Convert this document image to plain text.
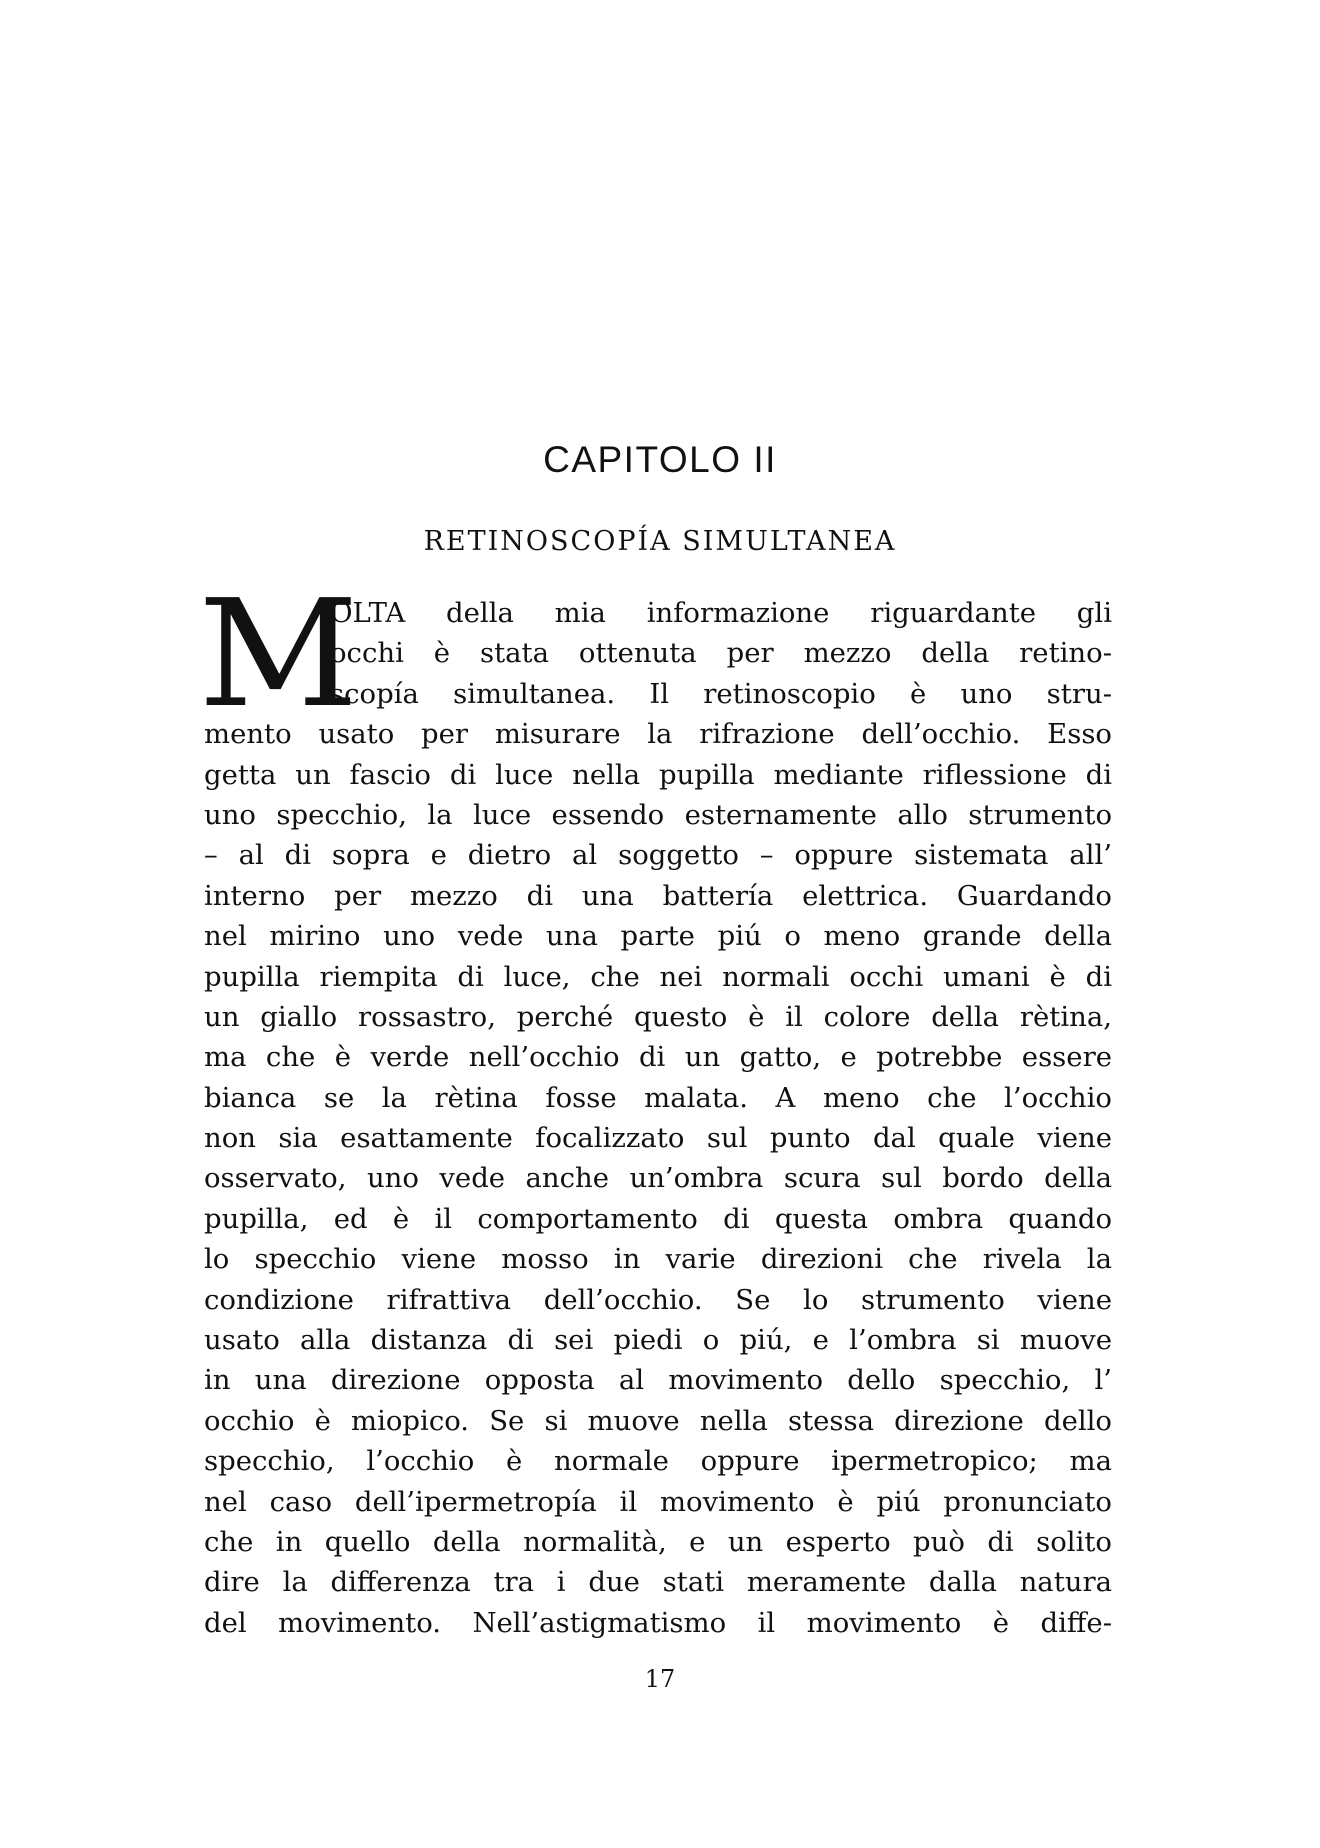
CAPITOLO II
RETINOSCOPÍA SIMULTANEA
M
OLTA della mia informazione riguardante gli
occhi è stata ottenuta per mezzo della retino-
scopía simultanea. Il retinoscopio è uno stru-
mento usato per misurare la rifrazione dell’occhio. Esso
getta un fascio di luce nella pupilla mediante riflessione di
uno specchio, la luce essendo esternamente allo strumento
– al di sopra e dietro al soggetto – oppure sistemata all’
interno per mezzo di una battería elettrica. Guardando
nel mirino uno vede una parte piú o meno grande della
pupilla riempita di luce, che nei normali occhi umani è di
un giallo rossastro, perché questo è il colore della rètina,
ma che è verde nell’occhio di un gatto, e potrebbe essere
bianca se la rètina fosse malata. A meno che l’occhio
non sia esattamente focalizzato sul punto dal quale viene
osservato, uno vede anche un’ombra scura sul bordo della
pupilla, ed è il comportamento di questa ombra quando
lo specchio viene mosso in varie direzioni che rivela la
condizione rifrattiva dell’occhio. Se lo strumento viene
usato alla distanza di sei piedi o piú, e l’ombra si muove
in una direzione opposta al movimento dello specchio, l’
occhio è miopico. Se si muove nella stessa direzione dello
specchio, l’occhio è normale oppure ipermetropico; ma
nel caso dell’ipermetropía il movimento è piú pronunciato
che in quello della normalità, e un esperto può di solito
dire la differenza tra i due stati meramente dalla natura
del movimento. Nell’astigmatismo il movimento è diffe-
17
